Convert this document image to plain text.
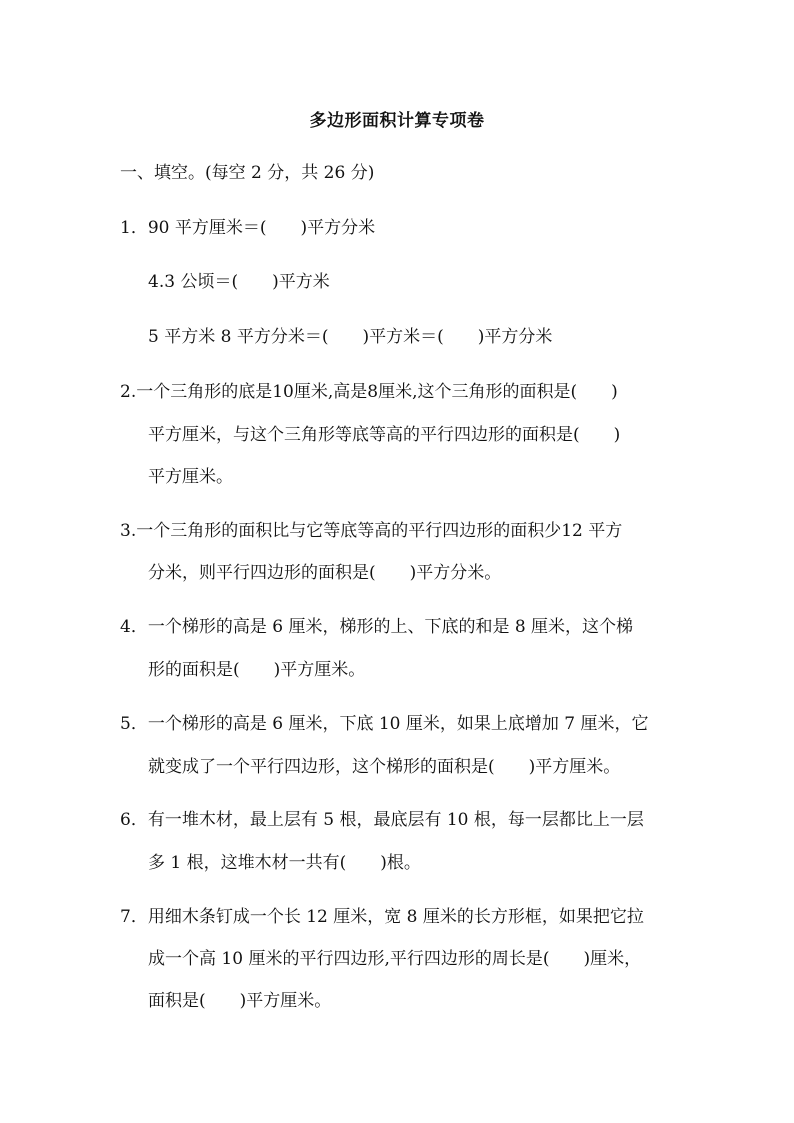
多边形面积计算专项卷
一、填空。(每空 2 分，共 26 分)
1．90 平方厘米＝(　　)平方分米
4.3 公顷＝(　　)平方米
5 平方米 8 平方分米＝(　　)平方米＝(　　)平方分米
2.一个三角形的底是10厘米,高是8厘米,这个三角形的面积是(　　)
平方厘米，与这个三角形等底等高的平行四边形的面积是(　　)
平方厘米。
3.一个三角形的面积比与它等底等高的平行四边形的面积少12 平方
分米，则平行四边形的面积是(　　)平方分米。
4．一个梯形的高是 6 厘米，梯形的上、下底的和是 8 厘米，这个梯
形的面积是(　　)平方厘米。
5．一个梯形的高是 6 厘米，下底 10 厘米，如果上底增加 7 厘米，它
就变成了一个平行四边形，这个梯形的面积是(　　)平方厘米。
6．有一堆木材，最上层有 5 根，最底层有 10 根，每一层都比上一层
多 1 根，这堆木材一共有(　　)根。
7．用细木条钉成一个长 12 厘米，宽 8 厘米的长方形框，如果把它拉
成一个高 10 厘米的平行四边形,平行四边形的周长是(　　)厘米，
面积是(　　)平方厘米。
